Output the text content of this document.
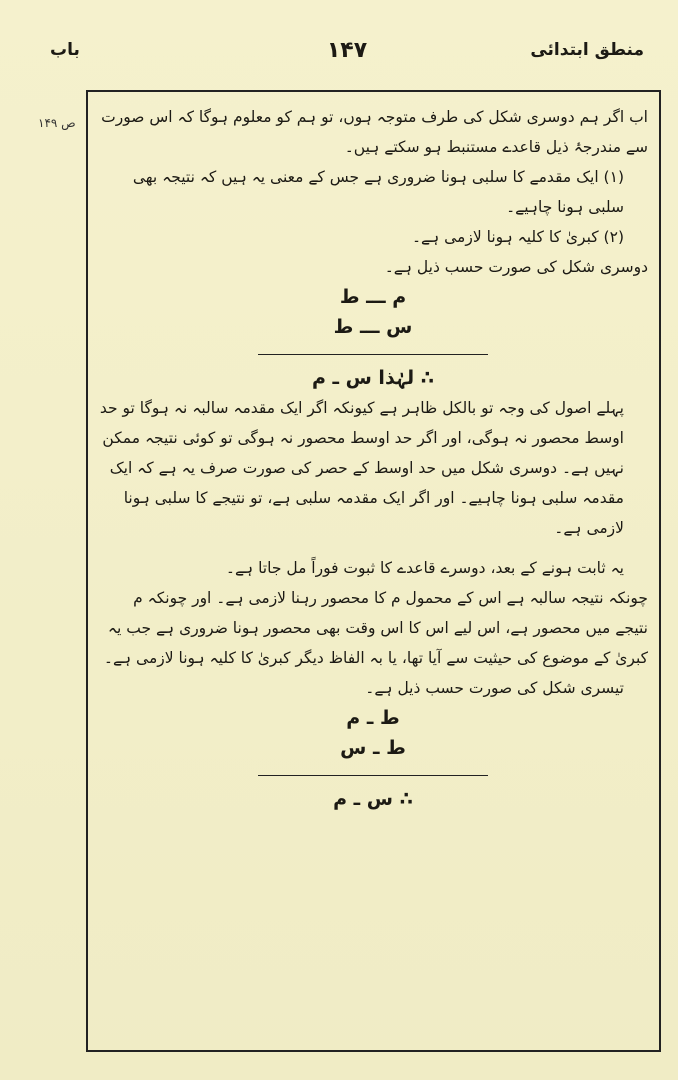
منطق ابتدائی
۱۴۷
باب
۱۴۹ ص اب اگر ہم دوسری شکل کی طرف متوجہ ہوں، تو ہم کو معلوم ہوگا کہ اس صورت سے مندرجۂ ذیل قاعدے مستنبط ہو سکتے ہیں۔

(۱) ایک مقدمے کا سلبی ہونا ضروری ہے جس کے معنی یہ ہیں کہ نتیجہ بھی سلبی ہونا چاہیے۔

(۲) کبریٰ کا کلیہ ہونا لازمی ہے۔

دوسری شکل کی صورت حسب ذیل ہے۔

م ـــ ط

س ـــ ط

∴ لہٰذا س ـ م

پہلے اصول کی وجہ تو بالکل ظاہر ہے کیونکہ اگر ایک مقدمہ سالبہ نہ ہوگا تو حد اوسط محصور نہ ہوگی، اور اگر حد اوسط محصور نہ ہوگی تو کوئی نتیجہ ممکن نہیں ہے۔ دوسری شکل میں حد اوسط کے حصر کی صورت صرف یہ ہے کہ ایک مقدمہ سلبی ہونا چاہیے۔ اور اگر ایک مقدمہ سلبی ہے، تو نتیجے کا سلبی ہونا لازمی ہے۔

یہ ثابت ہونے کے بعد، دوسرے قاعدے کا ثبوت فوراً مل جاتا ہے۔

چونکہ نتیجہ سالبہ ہے اس کے محمول م کا محصور رہنا لازمی ہے۔ اور چونکہ م نتیجے میں محصور ہے، اس لیے اس کا اس وقت بھی محصور ہونا ضروری ہے جب یہ کبریٰ کے موضوع کی حیثیت سے آیا تھا، یا بہ الفاظ دیگر کبریٰ کا کلیہ ہونا لازمی ہے۔

تیسری شکل کی صورت حسب ذیل ہے۔

ط ـ م

ط ـ س

∴ س ـ م
